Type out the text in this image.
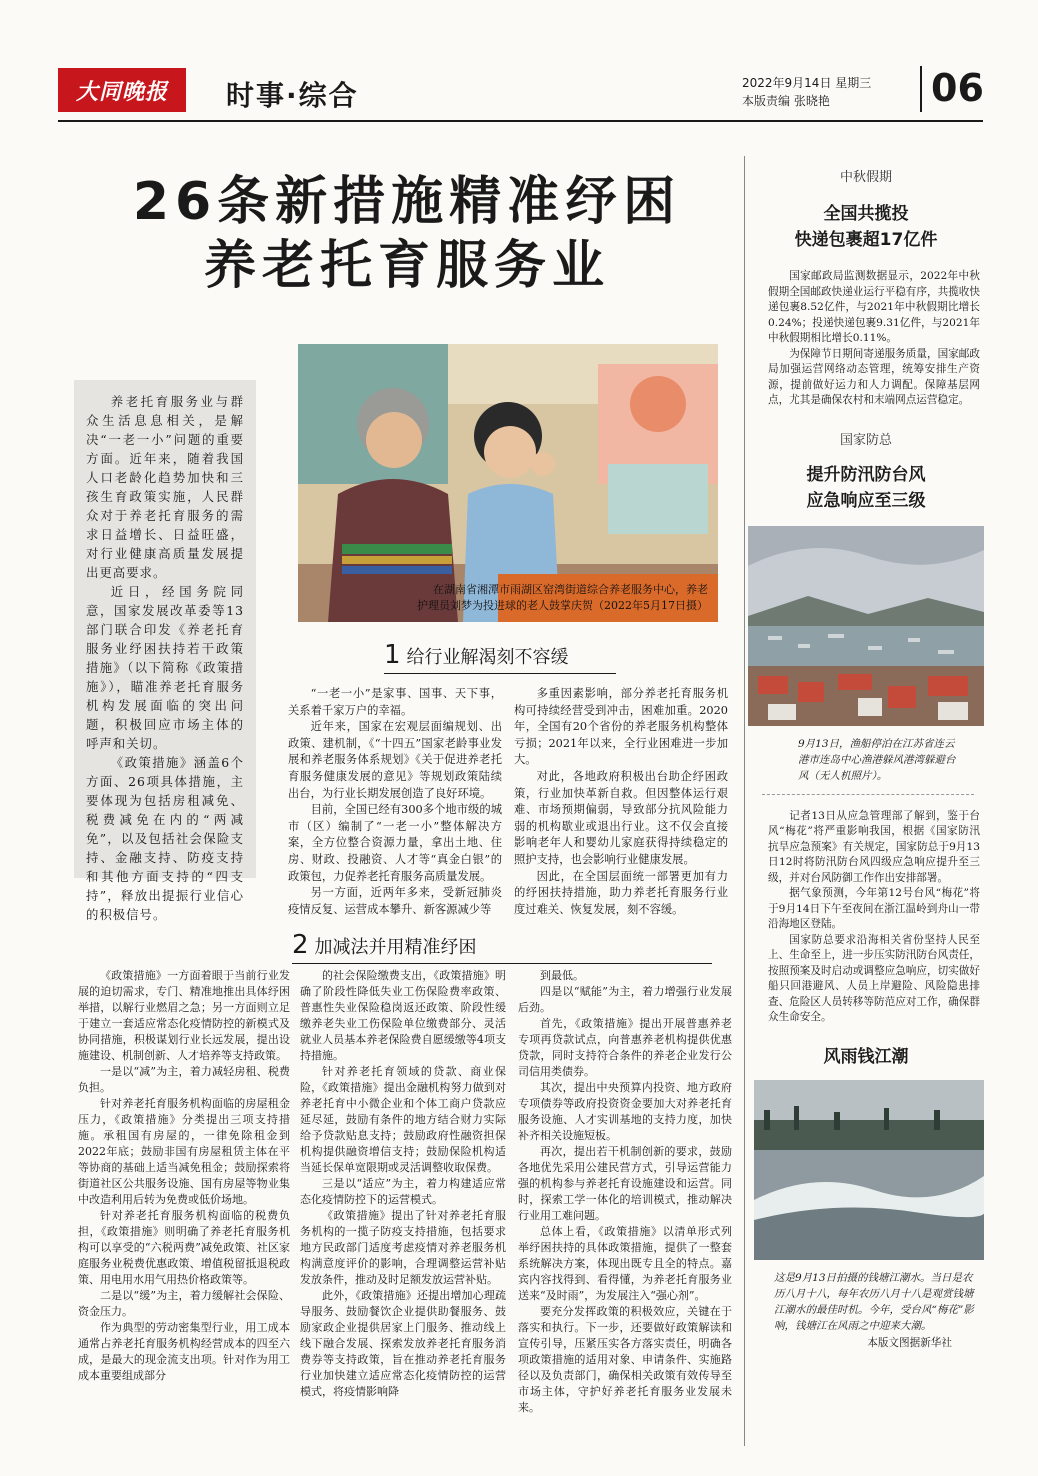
大同晚报	时事·综合	2022年9月14日 星期三
本版责编 张晓艳	06
26条新措施精准纾困
养老托育服务业
在湖南省湘潭市雨湖区窑湾街道综合养老服务中心，养老
护理员刘梦为投进球的老人鼓掌庆贺（2022年5月17日摄）

养老托育服务业与群众生活息息相关，是解决“一老一小”问题的重要方面。近年来，随着我国人口老龄化趋势加快和三孩生育政策实施，人民群众对于养老托育服务的需求日益增长、日益旺盛，对行业健康高质量发展提出更高要求。

近日，经国务院同意，国家发展改革委等13部门联合印发《养老托育服务业纾困扶持若干政策措施》（以下简称《政策措施》），瞄准养老托育服务机构发展面临的突出问题，积极回应市场主体的呼声和关切。

《政策措施》涵盖6个方面、26项具体措施，主要体现为包括房租减免、税费减免在内的“两减免”，以及包括社会保险支持、金融支持、防疫支持和其他方面支持的“四支持”，释放出提振行业信心的积极信号。

1 给行业解渴刻不容缓

“一老一小”是家事、国事、天下事，关系着千家万户的幸福。

近年来，国家在宏观层面编规划、出政策、建机制，《“十四五”国家老龄事业发展和养老服务体系规划》《关于促进养老托育服务健康发展的意见》等规划政策陆续出台，为行业长期发展创造了良好环境。

目前，全国已经有300多个地市级的城市（区）编制了“一老一小”整体解决方案，全方位整合资源力量，拿出土地、住房、财政、投融资、人才等“真金白银”的政策包，力促养老托育服务高质量发展。

另一方面，近两年多来，受新冠肺炎疫情反复、运营成本攀升、新客源减少等

多重因素影响，部分养老托育服务机构可持续经营受到冲击，困难加重。2020年，全国有20个省份的养老服务机构整体亏损；2021年以来，全行业困难进一步加大。

对此，各地政府积极出台助企纾困政策，行业加快革新自救。但因整体运行艰难、市场预期偏弱，导致部分抗风险能力弱的机构歇业或退出行业。这不仅会直接影响老年人和婴幼儿家庭获得持续稳定的照护支持，也会影响行业健康发展。

因此，在全国层面统一部署更加有力的纾困扶持措施，助力养老托育服务行业度过难关、恢复发展，刻不容缓。

2 加减法并用精准纾困

《政策措施》一方面着眼于当前行业发展的迫切需求，专门、精准地推出具体纾困举措，以解行业燃眉之急；另一方面则立足于建立一套适应常态化疫情防控的新模式及协同措施，积极谋划行业长远发展，提出设施建设、机制创新、人才培养等支持政策。

一是以“减”为主，着力减轻房租、税费负担。

针对养老托育服务机构面临的房屋租金压力，《政策措施》分类提出三项支持措施。承租国有房屋的，一律免除租金到2022年底；鼓励非国有房屋租赁主体在平等协商的基础上适当减免租金；鼓励探索将街道社区公共服务设施、国有房屋等物业集中改造利用后转为免费或低价场地。

针对养老托育服务机构面临的税费负担，《政策措施》则明确了养老托育服务机构可以享受的“六税两费”减免政策、社区家庭服务业税费优惠政策、增值税留抵退税政策、用电用水用气用热价格政策等。

二是以“缓”为主，着力缓解社会保险、资金压力。

作为典型的劳动密集型行业，用工成本通常占养老托育服务机构经营成本的四至六成，是最大的现金流支出项。针对作为用工成本重要组成部分

的社会保险缴费支出，《政策措施》明确了阶段性降低失业工伤保险费率政策、普惠性失业保险稳岗返还政策、阶段性缓缴养老失业工伤保险单位缴费部分、灵活就业人员基本养老保险费自愿缓缴等4项支持措施。

针对养老托育领域的贷款、商业保险，《政策措施》提出金融机构努力做到对养老托育中小微企业和个体工商户贷款应延尽延，鼓励有条件的地方结合财力实际给予贷款贴息支持；鼓励政府性融资担保机构提供融资增信支持；鼓励保险机构适当延长保单宽限期或灵活调整收取保费。

三是以“适应”为主，着力构建适应常态化疫情防控下的运营模式。

《政策措施》提出了针对养老托育服务机构的一揽子防疫支持措施，包括要求地方民政部门适度考虑疫情对养老服务机构满意度评价的影响，合理调整运营补贴发放条件，推动及时足额发放运营补贴。

此外，《政策措施》还提出增加心理疏导服务、鼓励餐饮企业提供助餐服务、鼓励家政企业提供居家上门服务、推动线上线下融合发展、探索发放养老托育服务消费券等支持政策，旨在推动养老托育服务行业加快建立适应常态化疫情防控的运营模式，将疫情影响降

到最低。

四是以“赋能”为主，着力增强行业发展后劲。

首先，《政策措施》提出开展普惠养老专项再贷款试点，向普惠养老机构提供优惠贷款，同时支持符合条件的养老企业发行公司信用类债券。

其次，提出中央预算内投资、地方政府专项债券等政府投资资金要加大对养老托育服务设施、人才实训基地的支持力度，加快补齐相关设施短板。

再次，提出若干机制创新的要求，鼓励各地优先采用公建民营方式，引导运营能力强的机构参与养老托育设施建设和运营。同时，探索工学一体化的培训模式，推动解决行业用工难问题。

总体上看，《政策措施》以清单形式列举纾困扶持的具体政策措施，提供了一整套系统解决方案，体现出既专且全的特点。嘉宾内容找得到、看得懂，为养老托育服务业送来“及时雨”，为发展注入“强心剂”。

要充分发挥政策的积极效应，关键在于落实和执行。下一步，还要做好政策解读和宣传引导，压紧压实各方落实责任，明确各项政策措施的适用对象、申请条件、实施路径以及负责部门，确保相关政策有效传导至市场主体，守护好养老托育服务业发展未来。

中秋假期
全国共揽投
快递包裹超17亿件

国家邮政局监测数据显示，2022年中秋假期全国邮政快递业运行平稳有序，共揽收快递包裹8.52亿件，与2021年中秋假期比增长0.24%；投递快递包裹9.31亿件，与2021年中秋假期相比增长0.11%。

为保障节日期间寄递服务质量，国家邮政局加强运营网络动态管理，统筹安排生产资源，提前做好运力和人力调配。保障基层网点，尤其是确保农村和末端网点运营稳定。

国家防总
提升防汛防台风
应急响应至三级
9月13日，渔船停泊在江苏省连云港市连岛中心渔港躲风港湾躲避台风（无人机照片）。

记者13日从应急管理部了解到，鉴于台风“梅花”将严重影响我国，根据《国家防汛抗旱应急预案》有关规定，国家防总于9月13日12时将防汛防台风四级应急响应提升至三级，并对台风防御工作作出安排部署。

据气象预测，今年第12号台风“梅花”将于9月14日下午至夜间在浙江温岭到舟山一带沿海地区登陆。

国家防总要求沿海相关省份坚持人民至上、生命至上，进一步压实防汛防台风责任，按照预案及时启动或调整应急响应，切实做好船只回港避风、人员上岸避险、风险隐患排查、危险区人员转移等防范应对工作，确保群众生命安全。

风雨钱江潮
这是9月13日拍摄的钱塘江潮水。当日是农历八月十八，每年农历八月十八是观赏钱塘江潮水的最佳时机。今年，受台风“梅花”影响，钱塘江在风雨之中迎来大潮。
本版文图据新华社
